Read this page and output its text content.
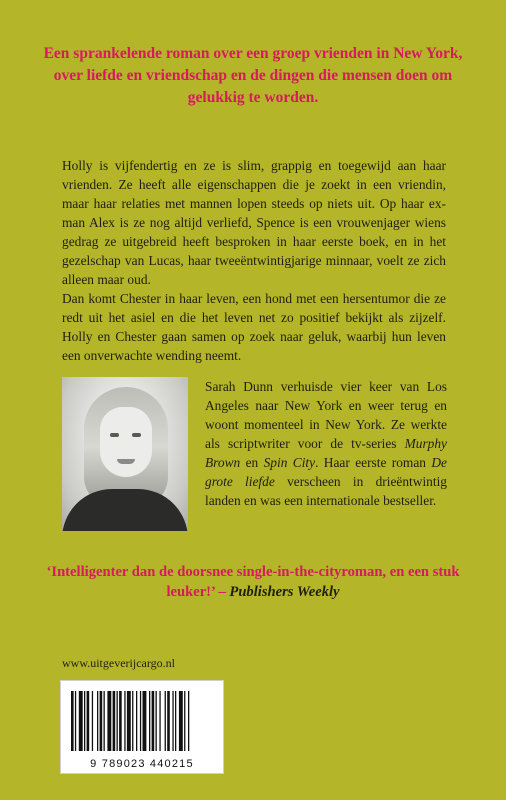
Een sprankelende roman over een groep vrienden in New York, over liefde en vriendschap en de dingen die mensen doen om gelukkig te worden.

Holly is vijfendertig en ze is slim, grappig en toegewijd aan haar vrienden. Ze heeft alle eigenschappen die je zoekt in een vriendin, maar haar relaties met mannen lopen steeds op niets uit. Op haar ex-man Alex is ze nog altijd verliefd, Spence is een vrouwenjager wiens gedrag ze uitgebreid heeft besproken in haar eerste boek, en in het gezelschap van Lucas, haar tweeëntwintigjarige minnaar, voelt ze zich alleen maar oud.

Dan komt Chester in haar leven, een hond met een hersentumor die ze redt uit het asiel en die het leven net zo positief bekijkt als zijzelf. Holly en Chester gaan samen op zoek naar geluk, waarbij hun leven een onverwachte wending neemt.

Sarah Dunn verhuisde vier keer van Los Angeles naar New York en weer terug en woont momenteel in New York. Ze werkte als scriptwriter voor de tv-series Murphy Brown en Spin City. Haar eerste roman De grote liefde verscheen in drieëntwintig landen en was een internationale bestseller.
‘Intelligenter dan de doorsnee single-in-the-cityroman, en een stuk leuker!’ – Publishers Weekly
www.uitgeverijcargo.nl
9 789023 440215
